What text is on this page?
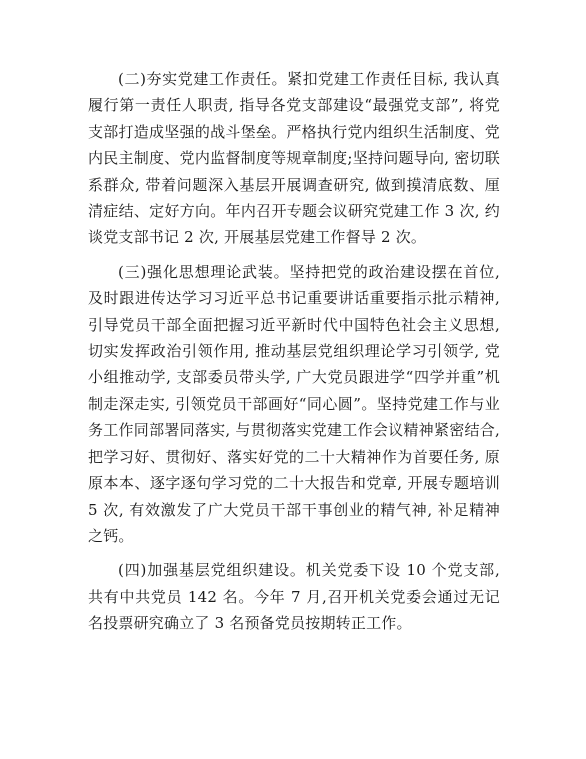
(二)夯实党建工作责任。紧扣党建工作责任目标, 我认真履行第一责任人职责, 指导各党支部建设“最强党支部”, 将党支部打造成坚强的战斗堡垒。严格执行党内组织生活制度、党内民主制度、党内监督制度等规章制度;坚持问题导向, 密切联系群众, 带着问题深入基层开展调查研究, 做到摸清底数、厘清症结、定好方向。年内召开专题会议研究党建工作 3 次, 约谈党支部书记 2 次, 开展基层党建工作督导 2 次。

(三)强化思想理论武装。坚持把党的政治建设摆在首位, 及时跟进传达学习习近平总书记重要讲话重要指示批示精神, 引导党员干部全面把握习近平新时代中国特色社会主义思想, 切实发挥政治引领作用, 推动基层党组织理论学习引领学, 党小组推动学, 支部委员带头学, 广大党员跟进学“四学并重”机制走深走实, 引领党员干部画好“同心圆”。坚持党建工作与业务工作同部署同落实, 与贯彻落实党建工作会议精神紧密结合, 把学习好、贯彻好、落实好党的二十大精神作为首要任务, 原原本本、逐字逐句学习党的二十大报告和党章, 开展专题培训 5 次, 有效激发了广大党员干部干事创业的精气神, 补足精神之钙。

(四)加强基层党组织建设。机关党委下设 10 个党支部, 共有中共党员 142 名。今年 7 月,召开机关党委会通过无记名投票研究确立了 3 名预备党员按期转正工作。
